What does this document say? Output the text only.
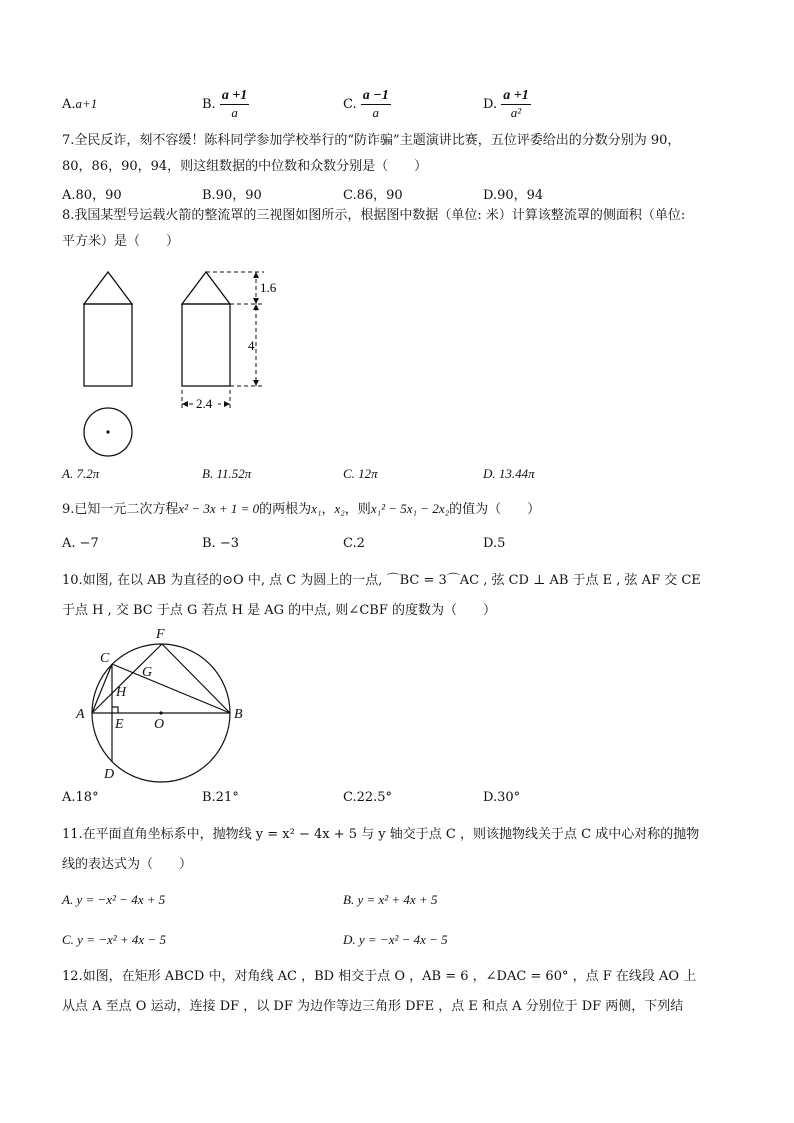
A.a+1	B. $\frac{a +1}{a}$	C. $\frac{a -1}{a}$	D. $\frac{a +1}{\text{a²}}$
7.全民反诈，刻不容缓！陈科同学参加学校举行的“防诈骗”主题演讲比赛，五位评委给出的分数分别为 90，
80，86，90，94，则这组数据的中位数和众数分别是（　　）
A.80，90	B.90，90	C.86，90	D.90，94
8.我国某型号运载火箭的整流罩的三视图如图所示，根据图中数据（单位: 米）计算该整流罩的侧面积（单位:
平方米）是（　　）
1.6
4
2.4
A. 7.2π	B. 11.52π	C. 12π	D. 13.44π
9.已知一元二次方程x² − 3x + 1 = 0的两根为x₁，x₂，则x₁² − 5x₁ − 2x₂的值为（　　）
A. −7	B. −3	C.2	D.5
10.如图, 在以 AB 为直径的⊙O 中, 点 C 为圆上的一点, ⌒BC = 3⌒AC , 弦 CD ⊥ AB 于点 E , 弦 AF 交 CE
于点 H , 交 BC 于点 G 若点 H 是 AG 的中点, 则∠CBF 的度数为（　　）
A	B
C
D
E
F
G
H
O
A.18°	B.21°	C.22.5°	D.30°
11.在平面直角坐标系中，抛物线 y = x² − 4x + 5 与 y 轴交于点 C ，则该抛物线关于点 C 成中心对称的抛物
线的表达式为（　　）
A. y = −x² − 4x + 5	B. y = x² + 4x + 5
C. y = −x² + 4x − 5	D. y = −x² − 4x − 5
12.如图，在矩形 ABCD 中，对角线 AC ，BD 相交于点 O ，AB = 6 ，∠DAC = 60° ，点 F 在线段 AO 上
从点 A 至点 O 运动，连接 DF ，以 DF 为边作等边三角形 DFE ，点 E 和点 A 分别位于 DF 两侧，下列结
